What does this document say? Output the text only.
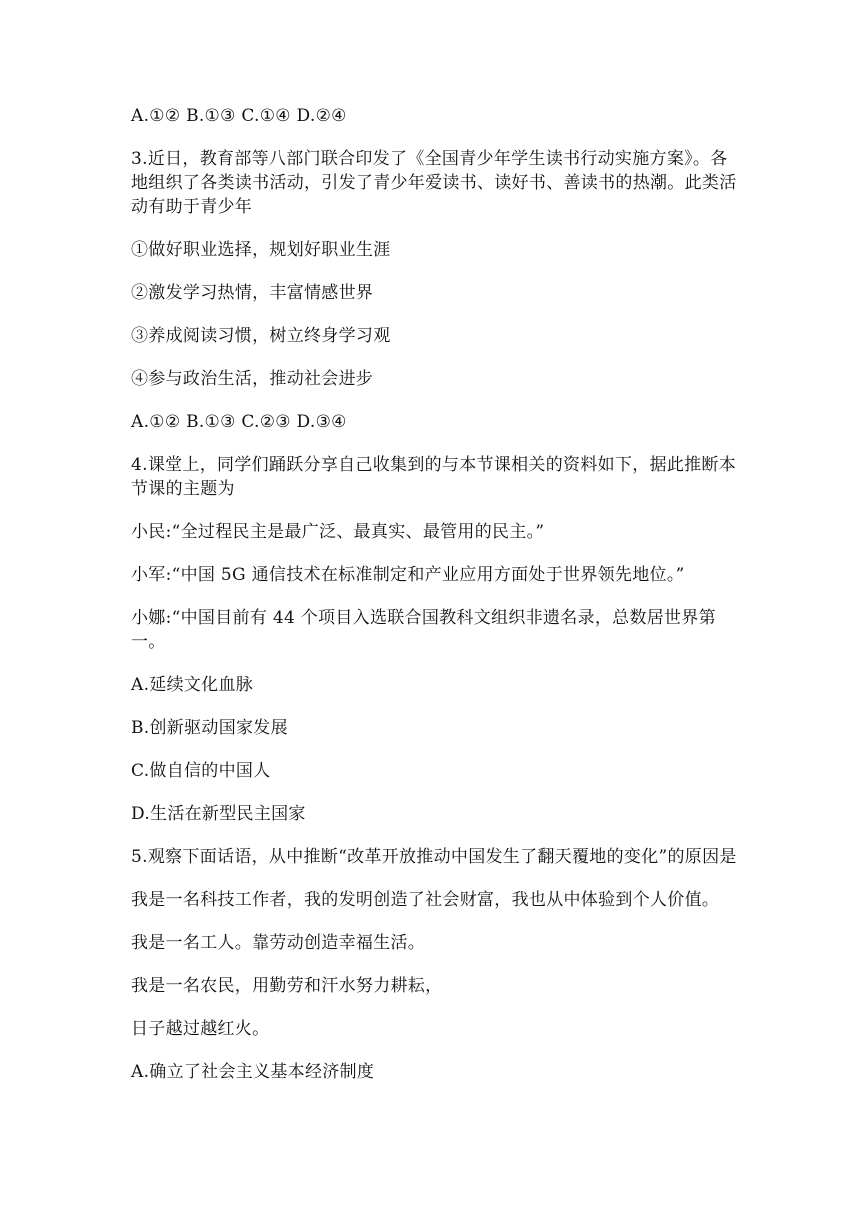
A.①② B.①③ C.①④ D.②④

3.近日，教育部等八部门联合印发了《全国青少年学生读书行动实施方案》。各地组织了各类读书活动，引发了青少年爱读书、读好书、善读书的热潮。此类活动有助于青少年

①做好职业选择，规划好职业生涯

②激发学习热情，丰富情感世界

③养成阅读习惯，树立终身学习观

④参与政治生活，推动社会进步

A.①② B.①③ C.②③ D.③④

4.课堂上，同学们踊跃分享自己收集到的与本节课相关的资料如下，据此推断本节课的主题为

小民:“全过程民主是最广泛、最真实、最管用的民主。”

小军:“中国 5G 通信技术在标准制定和产业应用方面处于世界领先地位。”

小娜:“中国目前有 44 个项目入选联合国教科文组织非遗名录，总数居世界第一。

A.延续文化血脉

B.创新驱动国家发展

C.做自信的中国人

D.生活在新型民主国家

5.观察下面话语，从中推断“改革开放推动中国发生了翻天覆地的变化”的原因是

我是一名科技工作者，我的发明创造了社会财富，我也从中体验到个人价值。

我是一名工人。靠劳动创造幸福生活。

我是一名农民，用勤劳和汗水努力耕耘，

日子越过越红火。

A.确立了社会主义基本经济制度
